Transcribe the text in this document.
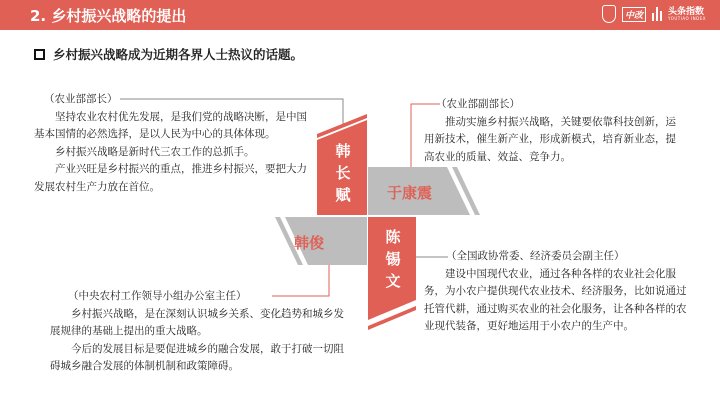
2. 乡村振兴战略的提出	中改	头条指数
YOUTIAO INDEX
乡村振兴战略成为近期各界人士热议的话题。
韩
长
赋	于康震
韩俊	陈
锡
文

（农业部部长）

坚持农业农村优先发展，是我们党的战略决断，是中国基本国情的必然选择，是以人民为中心的具体体现。

乡村振兴战略是新时代三农工作的总抓手。

产业兴旺是乡村振兴的重点，推进乡村振兴，要把大力发展农村生产力放在首位。

（农业部副部长）

推动实施乡村振兴战略，关键要依靠科技创新，运用新技术，催生新产业，形成新模式，培育新业态，提高农业的质量、效益、竞争力。

（中央农村工作领导小组办公室主任）

乡村振兴战略，是在深刻认识城乡关系、变化趋势和城乡发展规律的基础上提出的重大战略。

今后的发展目标是要促进城乡的融合发展，敢于打破一切阻碍城乡融合发展的体制机制和政策障碍。

（全国政协常委、经济委员会副主任）

建设中国现代农业，通过各种各样的农业社会化服务，为小农户提供现代农业技术、经济服务，比如说通过托管代耕，通过购买农业的社会化服务，让各种各样的农业现代装备，更好地运用于小农户的生产中。
